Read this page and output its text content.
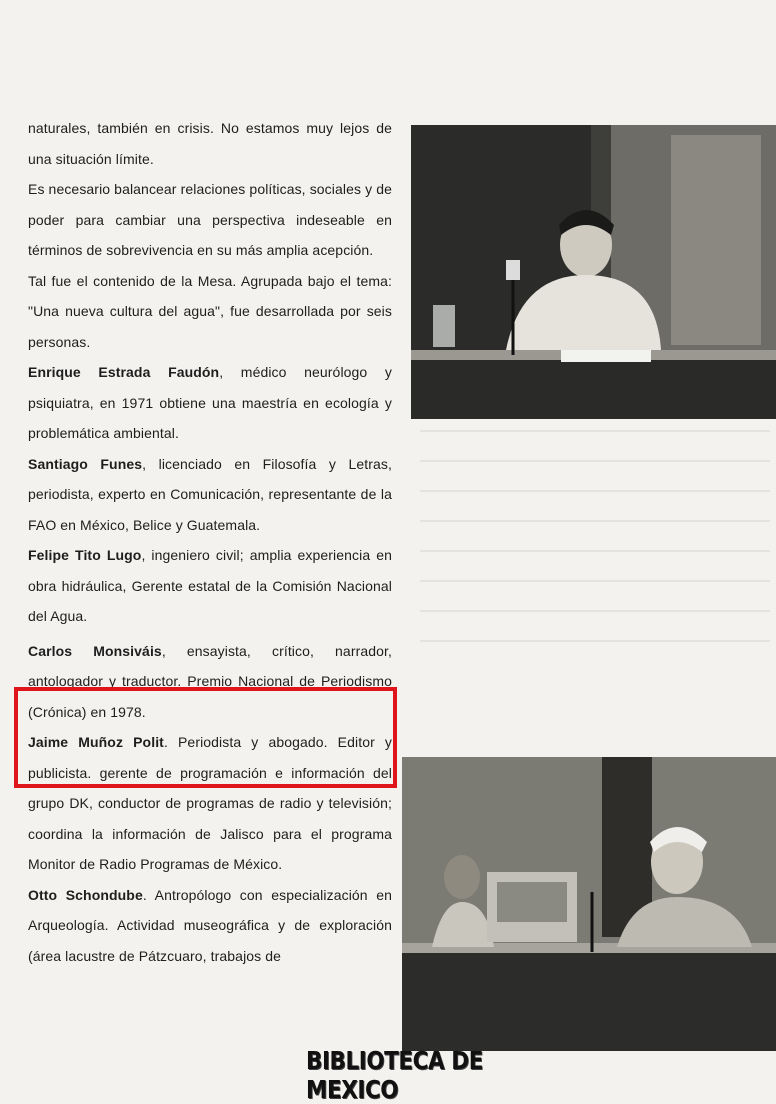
naturales, también en crisis. No estamos muy lejos de una situación límite.

Es necesario balancear relaciones políticas, sociales y de poder para cambiar una perspectiva indeseable en términos de sobrevivencia en su más amplia acepción.

Tal fue el contenido de la Mesa. Agrupada bajo el tema: "Una nueva cultura del agua", fue desarrollada por seis personas.

Enrique Estrada Faudón, médico neurólogo y psiquiatra, en 1971 obtiene una maestría en ecología y problemática ambiental.

Santiago Funes, licenciado en Filosofía y Letras, periodista, experto en Comunicación, representante de la FAO en México, Belice y Guatemala.

Felipe Tito Lugo, ingeniero civil; amplia experiencia en obra hidráulica, Gerente estatal de la Comisión Nacional del Agua.

Carlos Monsiváis, ensayista, crítico, narrador, antologador y traductor. Premio Nacional de Periodismo (Crónica) en 1978.

Jaime Muñoz Polit. Periodista y abogado. Editor y publicista. gerente de programación e información del grupo DK, conductor de programas de radio y televisión; coordina la información de Jalisco para el programa Monitor de Radio Programas de México.

Otto Schondube. Antropólogo con especialización en Arqueología. Actividad museográfica y de exploración (área lacustre de Pátzcuaro, trabajos de

BIBLIOTECA DE MEXICO
